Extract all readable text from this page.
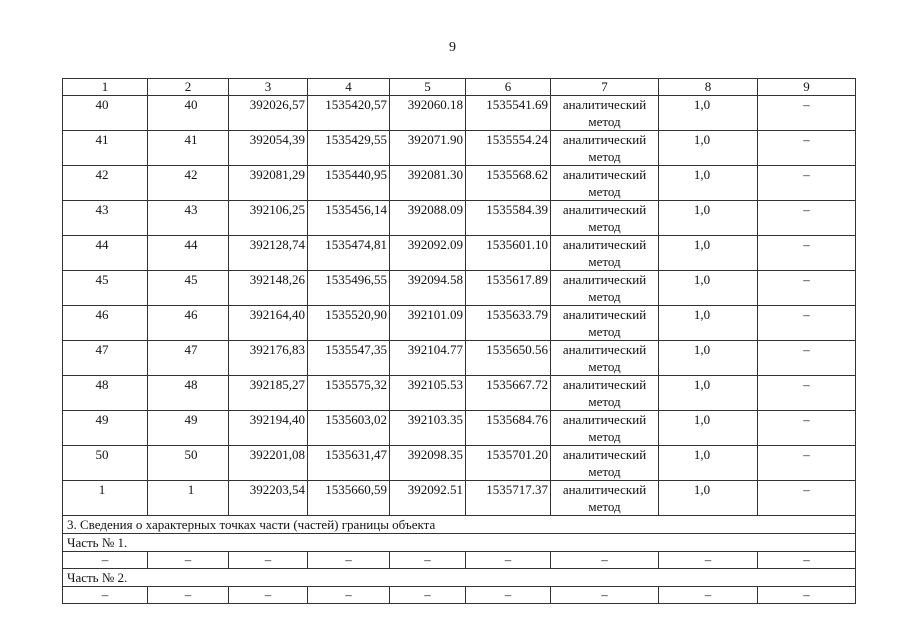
9
1	2	3	4	5	6	7	8	9
40	40	392026,57	1535420,57	392060.18	1535541.69	аналитический метод	1,0	–
41	41	392054,39	1535429,55	392071.90	1535554.24	аналитический метод	1,0	–
42	42	392081,29	1535440,95	392081.30	1535568.62	аналитический метод	1,0	–
43	43	392106,25	1535456,14	392088.09	1535584.39	аналитический метод	1,0	–
44	44	392128,74	1535474,81	392092.09	1535601.10	аналитический метод	1,0	–
45	45	392148,26	1535496,55	392094.58	1535617.89	аналитический метод	1,0	–
46	46	392164,40	1535520,90	392101.09	1535633.79	аналитический метод	1,0	–
47	47	392176,83	1535547,35	392104.77	1535650.56	аналитический метод	1,0	–
48	48	392185,27	1535575,32	392105.53	1535667.72	аналитический метод	1,0	–
49	49	392194,40	1535603,02	392103.35	1535684.76	аналитический метод	1,0	–
50	50	392201,08	1535631,47	392098.35	1535701.20	аналитический метод	1,0	–
1	1	392203,54	1535660,59	392092.51	1535717.37	аналитический метод	1,0	–
3. Сведения о характерных точках части (частей) границы объекта								
Часть № 1.								
–	–	–	–	–	–	–	–	–
Часть № 2.								
–	–	–	–	–	–	–	–	–
